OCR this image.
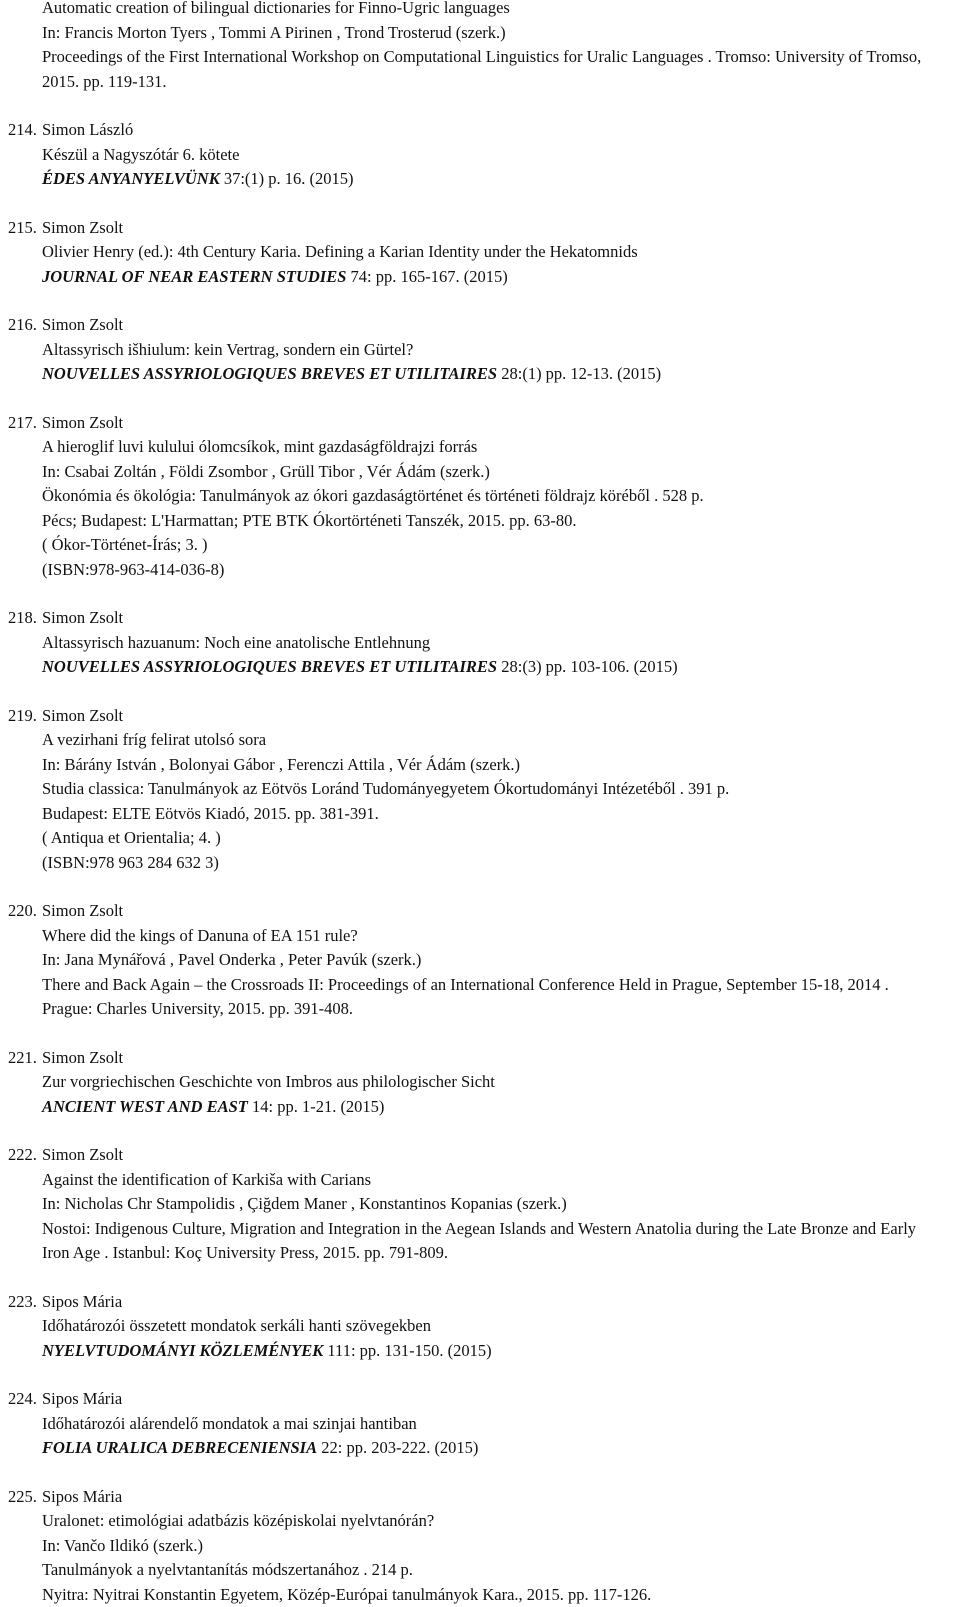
Automatic creation of bilingual dictionaries for Finno-Ugric languages
In: Francis Morton Tyers , Tommi A Pirinen , Trond Trosterud (szerk.)
Proceedings of the First International Workshop on Computational Linguistics for Uralic Languages . Tromso: University of Tromso, 2015. pp. 119-131.
214. Simon László
Készül a Nagyszótár 6. kötete
ÉDES ANYANYELVÜNK 37:(1) p. 16. (2015)
215. Simon Zsolt
Olivier Henry (ed.): 4th Century Karia. Defining a Karian Identity under the Hekatomnids
JOURNAL OF NEAR EASTERN STUDIES 74: pp. 165-167. (2015)
216. Simon Zsolt
Altassyrisch išhiulum: kein Vertrag, sondern ein Gürtel?
NOUVELLES ASSYRIOLOGIQUES BREVES ET UTILITAIRES 28:(1) pp. 12-13. (2015)
217. Simon Zsolt
A hieroglif luvi kulului ólomcsíkok, mint gazdaságföldrajzi forrás
In: Csabai Zoltán , Földi Zsombor , Grüll Tibor , Vér Ádám (szerk.)
Ökonómia és ökológia: Tanulmányok az ókori gazdaságtörténet és történeti földrajz köréből . 528 p.
Pécs; Budapest: L'Harmattan; PTE BTK Ókortörténeti Tanszék, 2015. pp. 63-80.
( Ókor-Történet-Írás; 3. )
(ISBN:978-963-414-036-8)
218. Simon Zsolt
Altassyrisch hazuanum: Noch eine anatolische Entlehnung
NOUVELLES ASSYRIOLOGIQUES BREVES ET UTILITAIRES 28:(3) pp. 103-106. (2015)
219. Simon Zsolt
A vezirhani fríg felirat utolsó sora
In: Bárány István , Bolonyai Gábor , Ferenczi Attila , Vér Ádám (szerk.)
Studia classica: Tanulmányok az Eötvös Loránd Tudományegyetem Ókortudományi Intézetéből . 391 p.
Budapest: ELTE Eötvös Kiadó, 2015. pp. 381-391.
( Antiqua et Orientalia; 4. )
(ISBN:978 963 284 632 3)
220. Simon Zsolt
Where did the kings of Danuna of EA 151 rule?
In: Jana Mynářová , Pavel Onderka , Peter Pavúk (szerk.)
There and Back Again – the Crossroads II: Proceedings of an International Conference Held in Prague, September 15-18, 2014 . Prague: Charles University, 2015. pp. 391-408.
221. Simon Zsolt
Zur vorgriechischen Geschichte von Imbros aus philologischer Sicht
ANCIENT WEST AND EAST 14: pp. 1-21. (2015)
222. Simon Zsolt
Against the identification of Karkiša with Carians
In: Nicholas Chr Stampolidis , Çiğdem Maner , Konstantinos Kopanias (szerk.)
Nostoi: Indigenous Culture, Migration and Integration in the Aegean Islands and Western Anatolia during the Late Bronze and Early Iron Age . Istanbul: Koç University Press, 2015. pp. 791-809.
223. Sipos Mária
Időhatározói összetett mondatok serkáli hanti szövegekben
NYELVTUDOMÁNYI KÖZLEMÉNYEK 111: pp. 131-150. (2015)
224. Sipos Mária
Időhatározói alárendelő mondatok a mai szinjai hantiban
FOLIA URALICA DEBRECENIENSIA 22: pp. 203-222. (2015)
225. Sipos Mária
Uralonet: etimológiai adatbázis középiskolai nyelvtanórán?
In: Vančo Ildikó (szerk.)
Tanulmányok a nyelvtantanítás módszertanához . 214 p.
Nyitra: Nyitrai Konstantin Egyetem, Közép-Európai tanulmányok Kara., 2015. pp. 117-126.
